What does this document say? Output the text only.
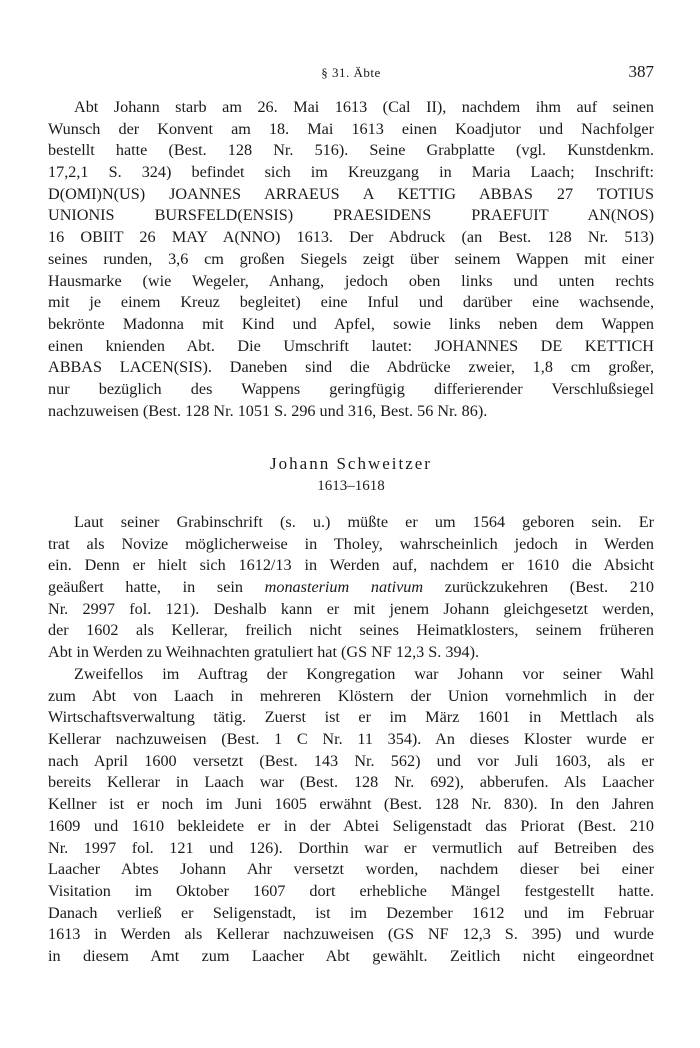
§ 31. Äbte	387

Abt Johann starb am 26. Mai 1613 (Cal II), nachdem ihm auf seinen
Wunsch der Konvent am 18. Mai 1613 einen Koadjutor und Nachfolger
bestellt hatte (Best. 128 Nr. 516). Seine Grabplatte (vgl. Kunstdenkm.
17,2,1 S. 324) befindet sich im Kreuzgang in Maria Laach; Inschrift:
D(OMI)N(US) JOANNES ARRAEUS A KETTIG ABBAS 27 TOTIUS
UNIONIS BURSFELD(ENSIS) PRAESIDENS PRAEFUIT AN(NOS)
16 OBIIT 26 MAY A(NNO) 1613. Der Abdruck (an Best. 128 Nr. 513)
seines runden, 3,6 cm großen Siegels zeigt über seinem Wappen mit einer
Hausmarke (wie Wegeler, Anhang, jedoch oben links und unten rechts
mit je einem Kreuz begleitet) eine Inful und darüber eine wachsende,
bekrönte Madonna mit Kind und Apfel, sowie links neben dem Wappen
einen knienden Abt. Die Umschrift lautet: JOHANNES DE KETTICH
ABBAS LACEN(SIS). Daneben sind die Abdrücke zweier, 1,8 cm großer,
nur bezüglich des Wappens geringfügig differierender Verschlußsiegel
nachzuweisen (Best. 128 Nr. 1051 S. 296 und 316, Best. 56 Nr. 86).

Johann Schweitzer
1613–1618

Laut seiner Grabinschrift (s. u.) müßte er um 1564 geboren sein. Er
trat als Novize möglicherweise in Tholey, wahrscheinlich jedoch in Werden
ein. Denn er hielt sich 1612/13 in Werden auf, nachdem er 1610 die Absicht
geäußert hatte, in sein monasterium nativum zurückzukehren (Best. 210
Nr. 2997 fol. 121). Deshalb kann er mit jenem Johann gleichgesetzt werden,
der 1602 als Kellerar, freilich nicht seines Heimatklosters, seinem früheren
Abt in Werden zu Weihnachten gratuliert hat (GS NF 12,3 S. 394).

Zweifellos im Auftrag der Kongregation war Johann vor seiner Wahl
zum Abt von Laach in mehreren Klöstern der Union vornehmlich in der
Wirtschaftsverwaltung tätig. Zuerst ist er im März 1601 in Mettlach als
Kellerar nachzuweisen (Best. 1 C Nr. 11 354). An dieses Kloster wurde er
nach April 1600 versetzt (Best. 143 Nr. 562) und vor Juli 1603, als er
bereits Kellerar in Laach war (Best. 128 Nr. 692), abberufen. Als Laacher
Kellner ist er noch im Juni 1605 erwähnt (Best. 128 Nr. 830). In den Jahren
1609 und 1610 bekleidete er in der Abtei Seligenstadt das Priorat (Best. 210
Nr. 1997 fol. 121 und 126). Dorthin war er vermutlich auf Betreiben des
Laacher Abtes Johann Ahr versetzt worden, nachdem dieser bei einer
Visitation im Oktober 1607 dort erhebliche Mängel festgestellt hatte.
Danach verließ er Seligenstadt, ist im Dezember 1612 und im Februar
1613 in Werden als Kellerar nachzuweisen (GS NF 12,3 S. 395) und wurde
in diesem Amt zum Laacher Abt gewählt. Zeitlich nicht eingeordnet
